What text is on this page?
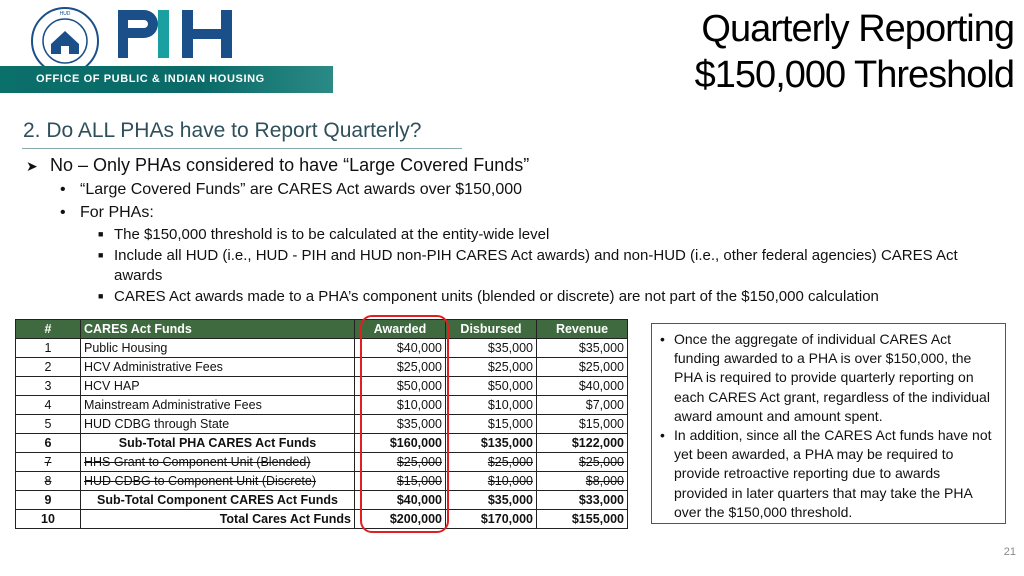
HUD
OFFICE OF PUBLIC & INDIAN HOUSING
Quarterly Reporting
$150,000 Threshold
2. Do ALL PHAs have to Report Quarterly?
➤ No – Only PHAs considered to have “Large Covered Funds”
• “Large Covered Funds” are CARES Act awards over $150,000
• For PHAs:
■ The $150,000 threshold is to be calculated at the entity-wide level
■ Include all HUD (i.e., HUD - PIH and HUD non-PIH CARES Act awards) and non-HUD (i.e., other federal agencies) CARES Act
awards
■ CARES Act awards made to a PHA’s component units (blended or discrete) are not part of the $150,000 calculation
#	CARES Act Funds	Awarded	Disbursed	Revenue
1	Public Housing	$40,000	$35,000	$35,000
2	HCV Administrative Fees	$25,000	$25,000	$25,000
3	HCV HAP	$50,000	$50,000	$40,000
4	Mainstream Administrative Fees	$10,000	$10,000	$7,000
5	HUD CDBG through State	$35,000	$15,000	$15,000
6	Sub-Total PHA CARES Act Funds	$160,000	$135,000	$122,000
7	HHS Grant to Component Unit (Blended)	$25,000	$25,000	$25,000
8	HUD CDBG to Component Unit (Discrete)	$15,000	$10,000	$8,000
9	Sub-Total Component CARES Act Funds	$40,000	$35,000	$33,000
10	Total Cares Act Funds	$200,000	$170,000	$155,000
• Once the aggregate of individual CARES Act funding awarded to a PHA is over $150,000, the PHA is required to provide quarterly reporting on each CARES Act grant, regardless of the individual award amount and amount spent.
• In addition, since all the CARES Act funds have not yet been awarded, a PHA may be required to provide retroactive reporting due to awards provided in later quarters that may take the PHA over the $150,000 threshold.
21
